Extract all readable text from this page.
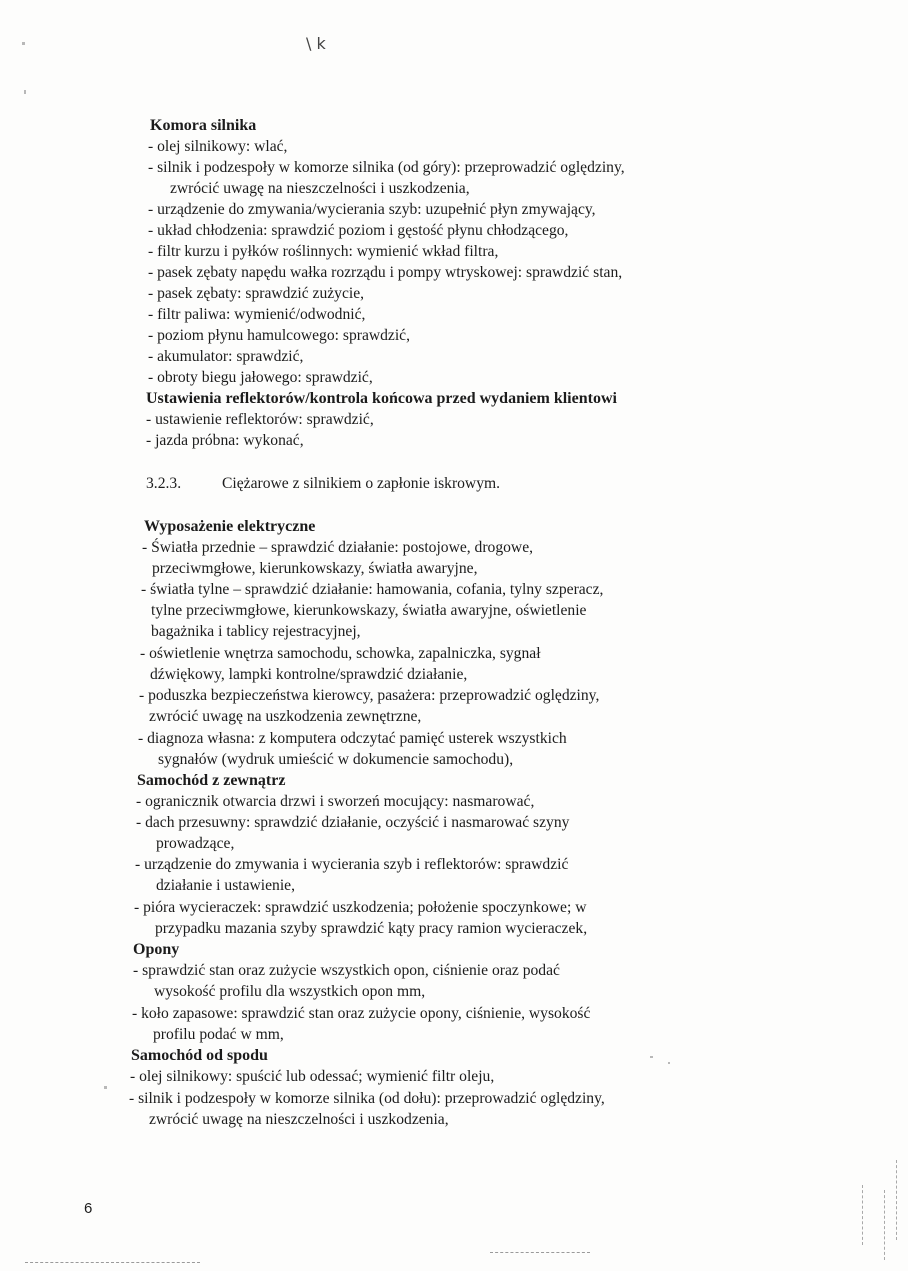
\ k
Komora silnika
- olej silnikowy: wlać,
- silnik i podzespoły w komorze silnika (od góry): przeprowadzić oględziny,
zwrócić uwagę na nieszczelności i uszkodzenia,
- urządzenie do zmywania/wycierania szyb: uzupełnić płyn zmywający,
- układ chłodzenia: sprawdzić poziom i gęstość płynu chłodzącego,
- filtr kurzu i pyłków roślinnych: wymienić wkład filtra,
- pasek zębaty napędu wałka rozrządu i pompy wtryskowej: sprawdzić stan,
- pasek zębaty: sprawdzić zużycie,
- filtr paliwa: wymienić/odwodnić,
- poziom płynu hamulcowego: sprawdzić,
- akumulator: sprawdzić,
- obroty biegu jałowego: sprawdzić,
Ustawienia reflektorów/kontrola końcowa przed wydaniem klientowi
- ustawienie reflektorów: sprawdzić,
- jazda próbna: wykonać,
3.2.3.	Ciężarowe z silnikiem o zapłonie iskrowym.
Wyposażenie elektryczne
- Światła przednie – sprawdzić działanie: postojowe, drogowe,
przeciwmgłowe, kierunkowskazy, światła awaryjne,
- światła tylne – sprawdzić działanie: hamowania, cofania, tylny szperacz,
tylne przeciwmgłowe, kierunkowskazy, światła awaryjne, oświetlenie
bagażnika i tablicy rejestracyjnej,
- oświetlenie wnętrza samochodu, schowka, zapalniczka, sygnał
dźwiękowy, lampki kontrolne/sprawdzić działanie,
- poduszka bezpieczeństwa kierowcy, pasażera: przeprowadzić oględziny,
zwrócić uwagę na uszkodzenia zewnętrzne,
- diagnoza własna: z komputera odczytać pamięć usterek wszystkich
sygnałów (wydruk umieścić w dokumencie samochodu),
Samochód z zewnątrz
- ogranicznik otwarcia drzwi i sworzeń mocujący: nasmarować,
- dach przesuwny: sprawdzić działanie, oczyścić i nasmarować szyny
prowadzące,
- urządzenie do zmywania i wycierania szyb i reflektorów: sprawdzić
działanie i ustawienie,
- pióra wycieraczek: sprawdzić uszkodzenia; położenie spoczynkowe; w
przypadku mazania szyby sprawdzić kąty pracy ramion wycieraczek,
Opony
- sprawdzić stan oraz zużycie wszystkich opon, ciśnienie oraz podać
wysokość profilu dla wszystkich opon mm,
- koło zapasowe: sprawdzić stan oraz zużycie opony, ciśnienie, wysokość
profilu podać w mm,
Samochód od spodu
- olej silnikowy: spuścić lub odessać; wymienić filtr oleju,
- silnik i podzespoły w komorze silnika (od dołu): przeprowadzić oględziny,
zwrócić uwagę na nieszczelności i uszkodzenia,
6
